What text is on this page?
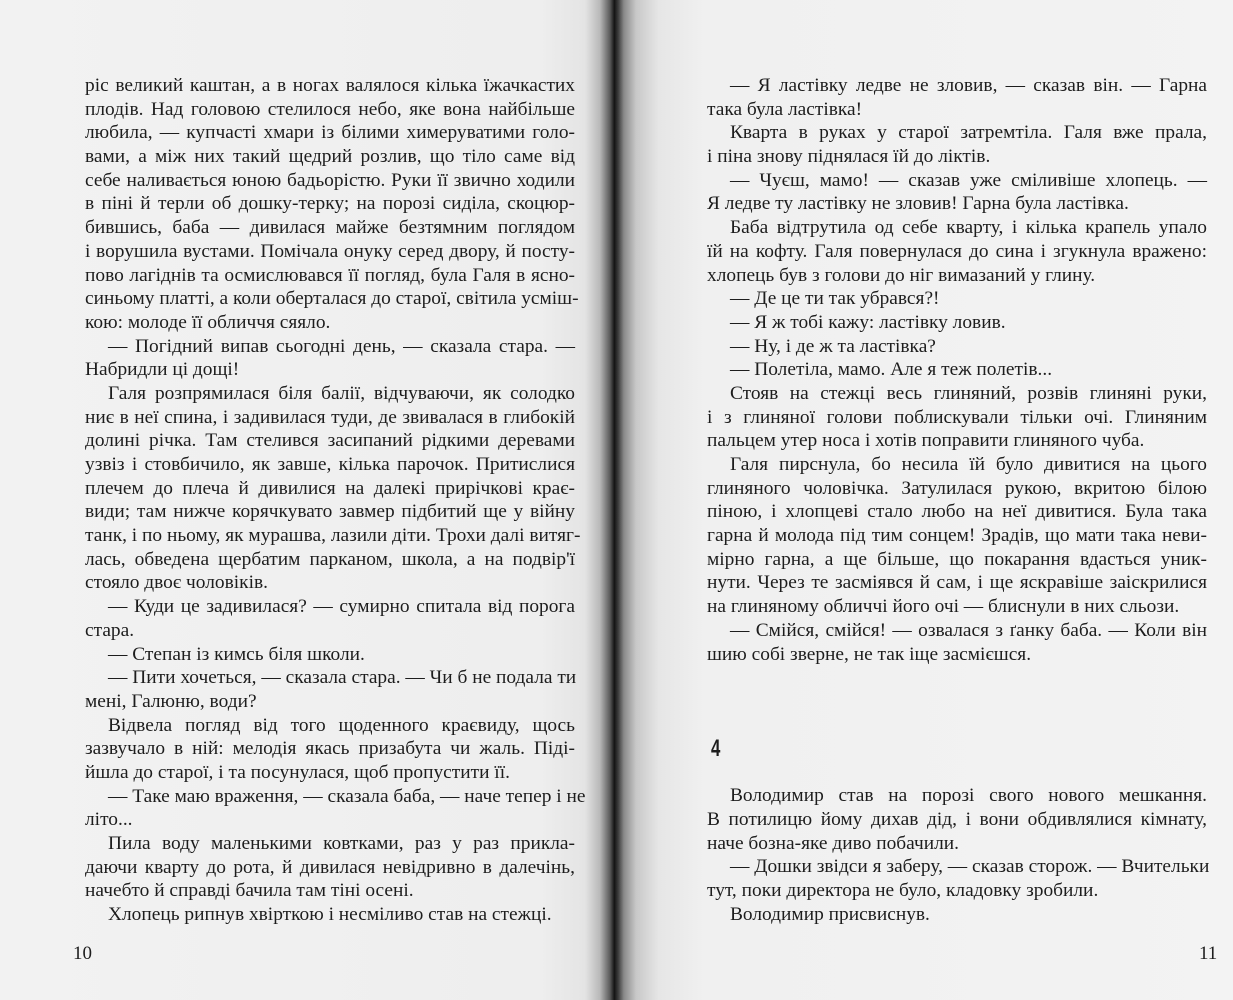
ріс великий каштан, а в ногах валялося кілька їжачкастих
плодів. Над головою стелилося небо, яке вона найбільше
любила, — купчасті хмари із білими химеруватими голо-
вами, а між них такий щедрий розлив, що тіло саме від
себе наливається юною бадьорістю. Руки її звично ходили
в піні й терли об дошку-терку; на порозі сиділа, скоцюр-
бившись, баба — дивилася майже безтямним поглядом
і ворушила вустами. Помічала онуку серед двору, й посту-
пово лагіднів та осмислювався її погляд, була Галя в ясно-
синьому платті, а коли оберталася до старої, світила усміш-
кою: молоде її обличчя сяяло.
— Погідний випав сьогодні день, — сказала стара. —
Набридли ці дощі!
Галя розпрямилася біля балії, відчуваючи, як солодко
ниє в неї спина, і задивилася туди, де звивалася в глибокій
долині річка. Там стелився засипаний рідкими деревами
узвіз і стовбичило, як завше, кілька парочок. Притислися
плечем до плеча й дивилися на далекі прирічкові крає-
види; там нижче корячкувато завмер підбитий ще у війну
танк, і по ньому, як мурашва, лазили діти. Трохи далі витяг-
лась, обведена щербатим парканом, школа, а на подвір'ї
стояло двоє чоловіків.
— Куди це задивилася? — сумирно спитала від порога
стара.
— Степан із кимсь біля школи.
— Пити хочеться, — сказала стара. — Чи б не подала ти
мені, Галюню, води?
Відвела погляд від того щоденного краєвиду, щось
зазвучало в ній: мелодія якась призабута чи жаль. Піді-
йшла до старої, і та посунулася, щоб пропустити її.
— Таке маю враження, — сказала баба, — наче тепер і не
літо...
Пила воду маленькими ковтками, раз у раз прикла-
даючи кварту до рота, й дивилася невідривно в далечінь,
начебто й справді бачила там тіні осені.
Хлопець рипнув хвірткою і несміливо став на стежці.
10
— Я ластівку ледве не зловив, — сказав він. — Гарна
така була ластівка!
Кварта в руках у старої затремтіла. Галя вже прала,
і піна знову піднялася їй до ліктів.
— Чуєш, мамо! — сказав уже сміливіше хлопець. —
Я ледве ту ластівку не зловив! Гарна була ластівка.
Баба відтрутила од себе кварту, і кілька крапель упало
їй на кофту. Галя повернулася до сина і згукнула вражено:
хлопець був з голови до ніг вимазаний у глину.
— Де це ти так убрався?!
— Я ж тобі кажу: ластівку ловив.
— Ну, і де ж та ластівка?
— Полетіла, мамо. Але я теж полетів...
Стояв на стежці весь глиняний, розвів глиняні руки,
і з глиняної голови поблискували тільки очі. Глиняним
пальцем утер носа і хотів поправити глиняного чуба.
Галя пирснула, бо несила їй було дивитися на цього
глиняного чоловічка. Затулилася рукою, вкритою білою
піною, і хлопцеві стало любо на неї дивитися. Була така
гарна й молода під тим сонцем! Зрадів, що мати така неви-
мірно гарна, а ще більше, що покарання вдасться уник-
нути. Через те засміявся й сам, і ще яскравіше заіскрилися
на глиняному обличчі його очі — блиснули в них сльози.
— Смійся, смійся! — озвалася з ґанку баба. — Коли він
шию собі зверне, не так іще засмієшся.
4
Володимир став на порозі свого нового мешкання.
В потилицю йому дихав дід, і вони обдивлялися кімнату,
наче бозна-яке диво побачили.
— Дошки звідси я заберу, — сказав сторож. — Вчительки
тут, поки директора не було, кладовку зробили.
Володимир присвиснув.
11
